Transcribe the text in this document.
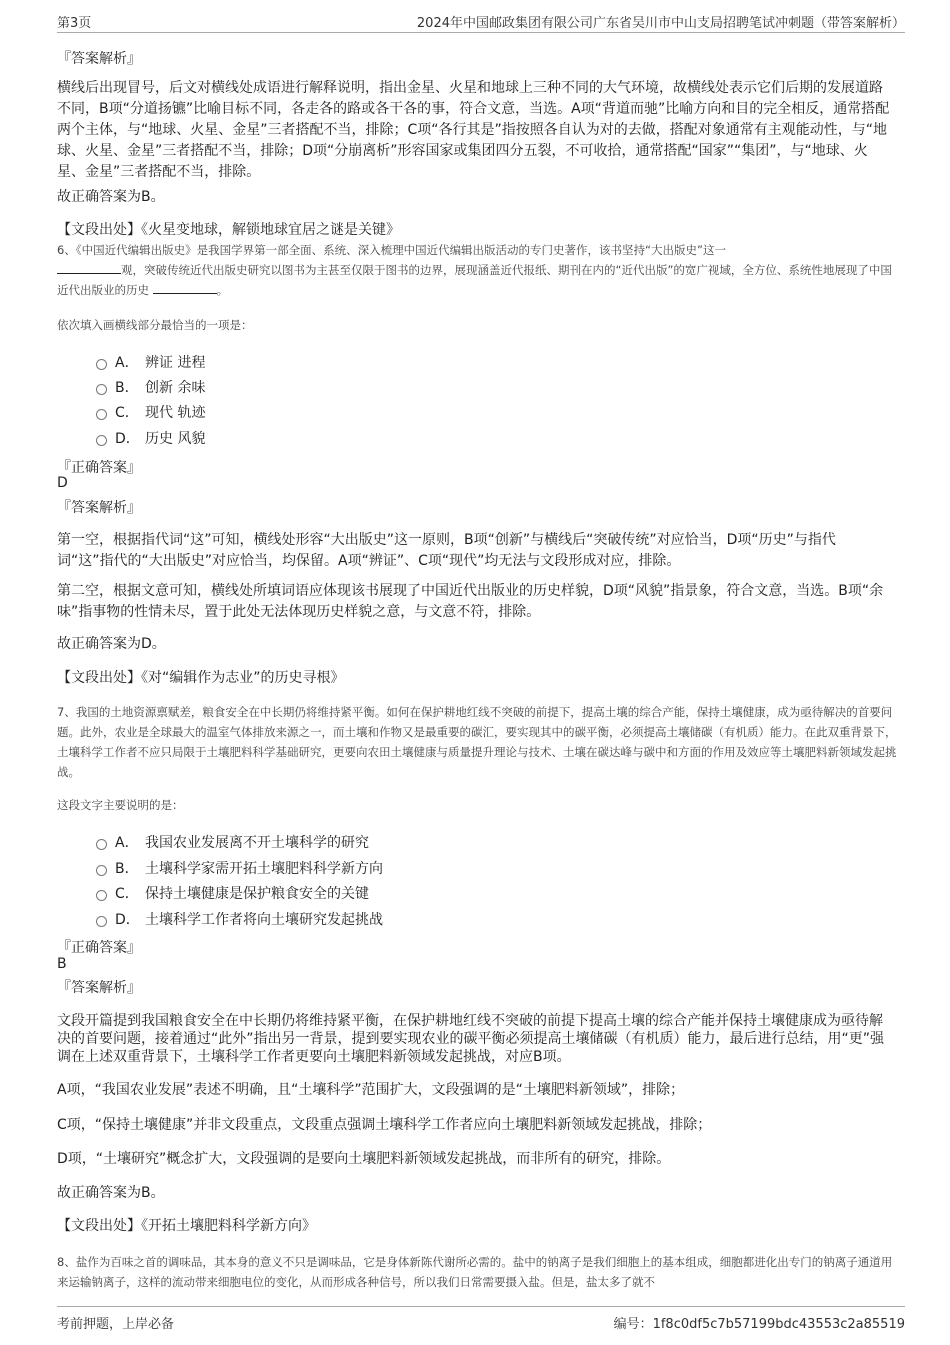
第3页	2024年中国邮政集团有限公司广东省吴川市中山支局招聘笔试冲刺题（带答案解析）
『答案解析』
横线后出现冒号，后文对横线处成语进行解释说明，指出金星、火星和地球上三种不同的大气环境，故横线处表示它们后期的发展道路不同，B项“分道扬镳”比喻目标不同，各走各的路或各干各的事，符合文意，当选。A项“背道而驰”比喻方向和目的完全相反，通常搭配两个主体，与“地球、火星、金星”三者搭配不当，排除；C项“各行其是”指按照各自认为对的去做，搭配对象通常有主观能动性，与“地球、火星、金星”三者搭配不当，排除；D项“分崩离析”形容国家或集团四分五裂，不可收拾，通常搭配“国家”“集团”，与“地球、火星、金星”三者搭配不当，排除。
故正确答案为B。
【文段出处】《火星变地球，解锁地球宜居之谜是关键》
6、《中国近代编辑出版史》是我国学界第一部全面、系统、深入梳理中国近代编辑出版活动的专门史著作，该书坚持“大出版史”这一
观，突破传统近代出版史研究以图书为主甚至仅限于图书的边界，展现涵盖近代报纸、期刊在内的“近代出版”的宽广视域，全方位、系统性地展现了中国近代出版业的历史	。
依次填入画横线部分最恰当的一项是：
A． 辨证 进程
B． 创新 余味
C． 现代 轨迹
D． 历史 风貌
『正确答案』
D
『答案解析』
第一空，根据指代词“这”可知，横线处形容“大出版史”这一原则，B项“创新”与横线后“突破传统”对应恰当，D项“历史”与指代词“这”指代的“大出版史”对应恰当，均保留。A项“辨证”、C项“现代”均无法与文段形成对应，排除。
第二空，根据文意可知，横线处所填词语应体现该书展现了中国近代出版业的历史样貌，D项“风貌”指景象，符合文意，当选。B项“余味”指事物的性情未尽，置于此处无法体现历史样貌之意，与文意不符，排除。
故正确答案为D。
【文段出处】《对“编辑作为志业”的历史寻根》
7、我国的土地资源禀赋差，粮食安全在中长期仍将维持紧平衡。如何在保护耕地红线不突破的前提下，提高土壤的综合产能，保持土壤健康，成为亟待解决的首要问题。此外，农业是全球最大的温室气体排放来源之一，而土壤和作物又是最重要的碳汇，要实现其中的碳平衡，必须提高土壤储碳（有机质）能力。在此双重背景下，土壤科学工作者不应只局限于土壤肥料科学基础研究，更要向农田土壤健康与质量提升理论与技术、土壤在碳达峰与碳中和方面的作用及效应等土壤肥料新领域发起挑战。
这段文字主要说明的是：
A． 我国农业发展离不开土壤科学的研究
B． 土壤科学家需开拓土壤肥料科学新方向
C． 保持土壤健康是保护粮食安全的关键
D． 土壤科学工作者将向土壤研究发起挑战
『正确答案』
B
『答案解析』
文段开篇提到我国粮食安全在中长期仍将维持紧平衡，在保护耕地红线不突破的前提下提高土壤的综合产能并保持土壤健康成为亟待解决的首要问题，接着通过“此外”指出另一背景，提到要实现农业的碳平衡必须提高土壤储碳（有机质）能力，最后进行总结，用“更”强调在上述双重背景下，土壤科学工作者更要向土壤肥料新领域发起挑战，对应B项。
A项，“我国农业发展”表述不明确，且“土壤科学”范围扩大，文段强调的是“土壤肥料新领域”，排除；
C项，“保持土壤健康”并非文段重点，文段重点强调土壤科学工作者应向土壤肥料新领域发起挑战，排除；
D项，“土壤研究”概念扩大，文段强调的是要向土壤肥料新领域发起挑战，而非所有的研究，排除。
故正确答案为B。
【文段出处】《开拓土壤肥料科学新方向》
8、盐作为百味之首的调味品，其本身的意义不只是调味品，它是身体新陈代谢所必需的。盐中的钠离子是我们细胞上的基本组成，细胞都进化出专门的钠离子通道用来运输钠离子，这样的流动带来细胞电位的变化，从而形成各种信号，所以我们日常需要摄入盐。但是，盐太多了就不
考前押题，上岸必备	编号：1f8c0df5c7b57199bdc43553c2a85519
